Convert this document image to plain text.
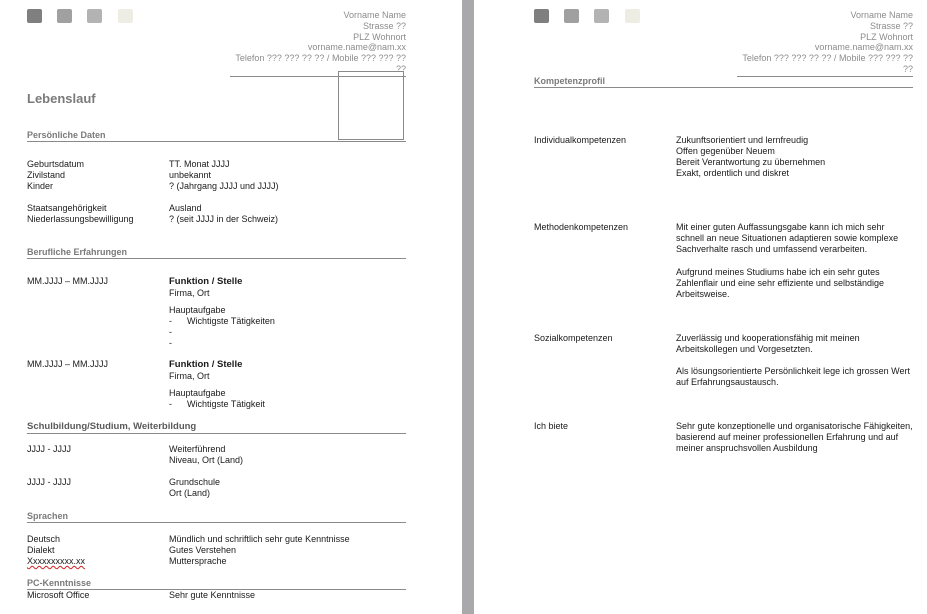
Vorname Name
Strasse ??
PLZ Wohnort
vorname.name@nam.xx
Telefon ??? ??? ?? ?? / Mobile ??? ??? ?? ??
Lebenslauf
Persönliche Daten
Geburtsdatum	TT. Monat JJJJ
Zivilstand	unbekannt
Kinder	? (Jahrgang JJJJ und JJJJ)
Staatsangehörigkeit	Ausland
Niederlassungsbewilligung	? (seit JJJJ in der Schweiz)
Berufliche Erfahrungen
MM.JJJJ – MM.JJJJ	Funktion / Stelle
Firma, Ort
Hauptaufgabe
- Wichtigste Tätigkeiten
-
-
MM.JJJJ – MM.JJJJ	Funktion / Stelle
Firma, Ort
Hauptaufgabe
- Wichtigste Tätigkeit
Schulbildung/Studium, Weiterbildung
JJJJ - JJJJ	Weiterführend
Niveau, Ort (Land)
JJJJ - JJJJ	Grundschule
Ort (Land)
Sprachen
Deutsch	Mündlich und schriftlich sehr gute Kenntnisse
Dialekt	Gutes Verstehen
Xxxxxxxxxx.xx	Muttersprache
PC-Kenntnisse
Microsoft Office	Sehr gute Kenntnisse
Vorname Name
Strasse ??
PLZ Wohnort
vorname.name@nam.xx
Telefon ??? ??? ?? ?? / Mobile ??? ??? ?? ??
Kompetenzprofil
Individualkompetenzen	Zukunftsorientiert und lernfreudig
Offen gegenüber Neuem
Bereit Verantwortung zu übernehmen
Exakt, ordentlich und diskret
Methodenkompetenzen	Mit einer guten Auffassungsgabe kann ich mich sehr
schnell an neue Situationen adaptieren sowie komplexe
Sachverhalte rasch und umfassend verarbeiten.
Aufgrund meines Studiums habe ich ein sehr gutes
Zahlenflair und eine sehr effiziente und selbständige
Arbeitsweise.
Sozialkompetenzen	Zuverlässig und kooperationsfähig mit meinen
Arbeitskollegen und Vorgesetzten.
Als lösungsorientierte Persönlichkeit lege ich grossen Wert
auf Erfahrungsaustausch.
Ich biete	Sehr gute konzeptionelle und organisatorische Fähigkeiten,
basierend auf meiner professionellen Erfahrung und auf
meiner anspruchsvollen Ausbildung
